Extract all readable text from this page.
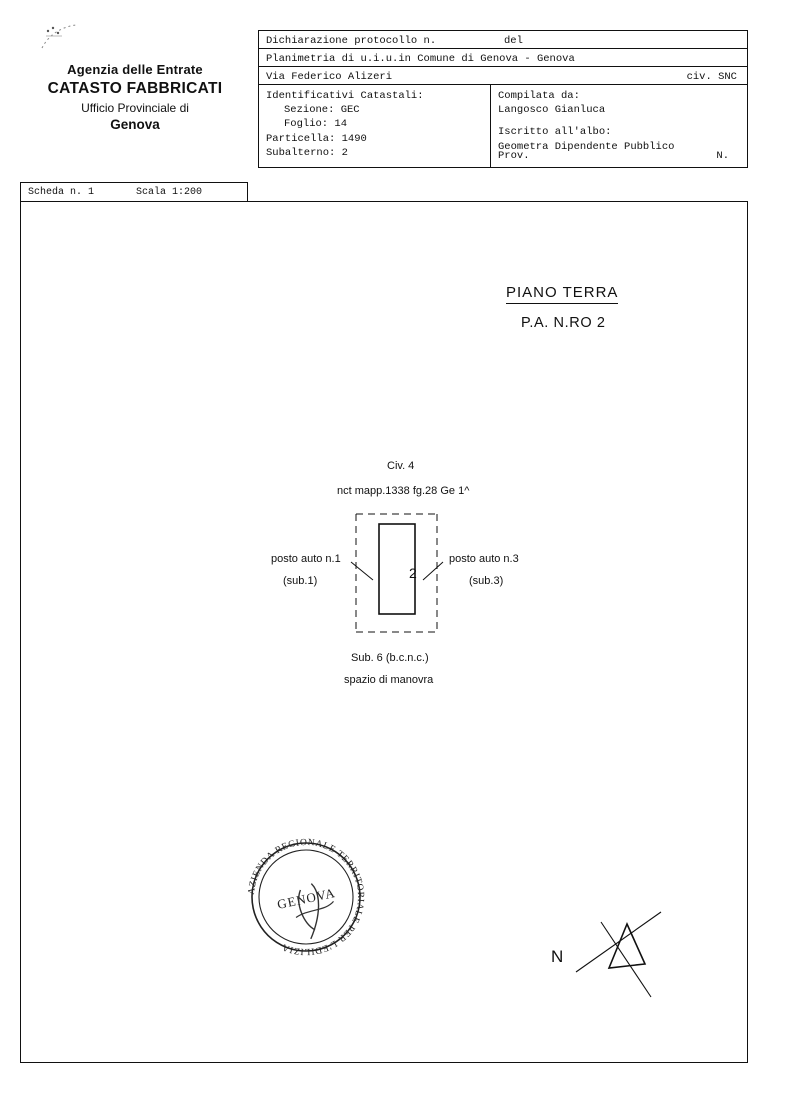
Agenzia delle Entrate
CATASTO FABBRICATI
Ufficio Provinciale di
Genova
Dichiarazione protocollo n.	del
Planimetria di u.i.u.in Comune di Genova - Genova
Via Federico Alizeri	civ. SNC
Identificativi Catastali:
Sezione: GEC
Foglio: 14
Particella: 1490
Subalterno: 2
Compilata da:
Langosco Gianluca
Iscritto all'albo:
Geometra Dipendente Pubblico
Prov.	N.
Scheda n. 1	Scala 1:200
PIANO TERRA
P.A. N.RO 2
Civ. 4
nct mapp.1338 fg.28 Ge 1^
posto auto n.1
(sub.1)
posto auto n.3
(sub.3)
2
Sub. 6 (b.c.n.c.)
spazio di manovra
AZIENDA REGIONALE TERRITORIALE PER L'EDILIZIA
GENOVA
N
